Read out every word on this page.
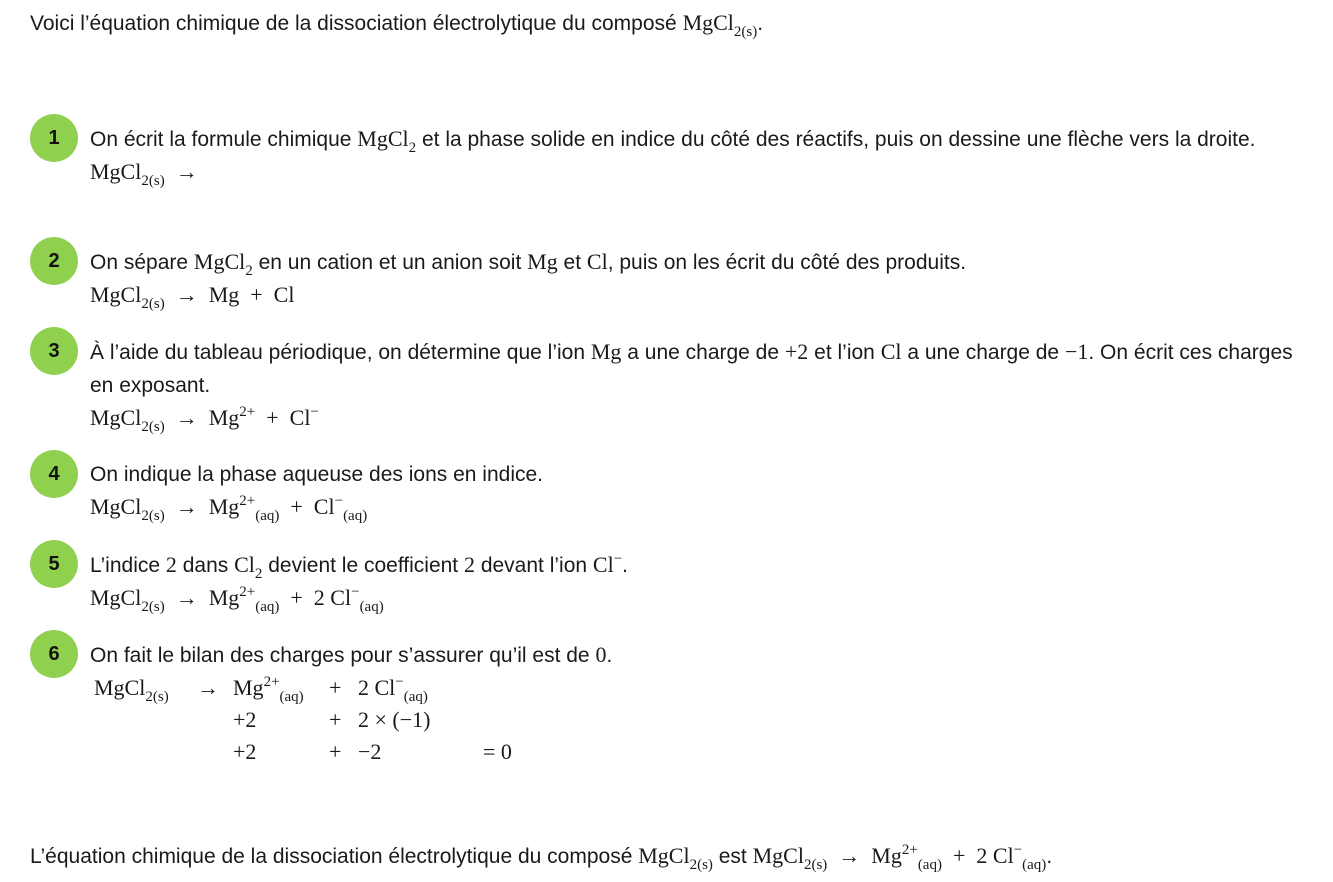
Voici l’équation chimique de la dissociation électrolytique du composé MgCl$_{2(s)}$.
1	On écrit la formule chimique MgCl$_2$ et la phase solide en indice du côté des réactifs, puis on dessine une flèche vers la droite.
MgCl$_{2(s)}$ →
2	On sépare MgCl$_2$ en un cation et un anion soit Mg et Cl, puis on les écrit du côté des produits.
MgCl$_{2(s)}$ → Mg + Cl
3	À l’aide du tableau périodique, on détermine que l’ion Mg a une charge de +2 et l’ion Cl a une charge de −1. On écrit ces charges en exposant.
MgCl$_{2(s)}$ → $Mg^{2+} + Cl^-$
4	On indique la phase aqueuse des ions en indice.
MgCl$_{2(s)}$ → $Mg^{2+}_{(aq)} + Cl^-_{(aq)}$
5	L’indice 2 dans $Cl_2$ devient le coefficient 2 devant l’ion Cl−.
MgCl$_{2(s)}$ → $Mg^{2+}_{(aq)} + 2$ $Cl^-_{(aq)}$
6	On fait le bilan des charges pour s’assurer qu’il est de 0.
MgCl$_{2(s)}$	→	$Mg^{2+}_{(aq)}$	+	2 $Cl^-_{(aq)}$	
		+2	+	2 × (−1)	
		+2	+	−2	= 0
L’équation chimique de la dissociation électrolytique du composé MgCl$_{2(s)}$ est MgCl$_{2(s)}$ → $Mg^{2+}_{(aq)} + 2$ $Cl^-_{(aq)}$.
